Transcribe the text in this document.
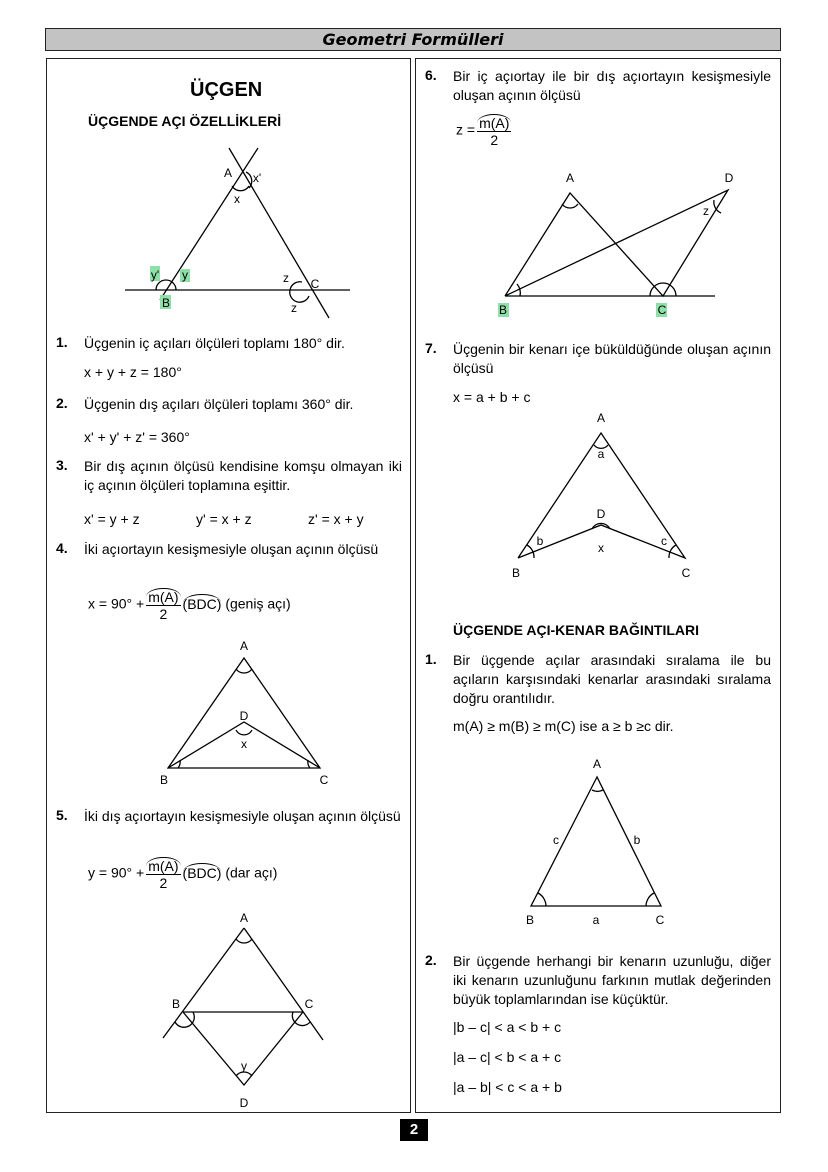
Geometri Formülleri
ÜÇGEN
ÜÇGENDE AÇI ÖZELLİKLERİ
A x'
x
y' y
B
z C
z
A
D
x
B	C
A
B	C
y
D
A	D
z
B	C
A
a
D
x
b	c
B	C
A
c	b
B	a	C
1. Üçgenin iç açıları ölçüleri toplamı 180° dir.
x + y + z = 180°
2. Üçgenin dış açıları ölçüleri toplamı 360° dir.
x' + y' + z' = 360°
3. Bir dış açının ölçüsü kendisine komşu olmayan iki iç açının ölçüleri toplamına eşittir.
x' = y + z	y' = x + z	z' = x + y
4. İki açıortayın kesişmesiyle oluşan açının ölçüsü
$x = 90^\circ + \frac{m(A)}{2} (BDC)$ (geniş açı)
5. İki dış açıortayın kesişmesiyle oluşan açının ölçüsü
$y = 90^\circ + \frac{m(A)}{2} (BDC)$ (dar açı)
6. Bir iç açıortay ile bir dış açıortayın kesişmesiyle oluşan açının ölçüsü
$z = \frac{m(A)}{2}$
7. Üçgenin bir kenarı içe büküldüğünde oluşan açının ölçüsü
x = a + b + c
ÜÇGENDE AÇI-KENAR BAĞINTILARI
1. Bir üçgende açılar arasındaki sıralama ile bu açıların karşısındaki kenarlar arasındaki sıralama doğru orantılıdır.
m(A) ≥ m(B) ≥ m(C) ise a ≥ b ≥c dir.
2. Bir üçgende herhangi bir kenarın uzunluğu, diğer iki kenarın uzunluğunu farkının mutlak değerinden büyük toplamlarından ise küçüktür.
|b – c| < a < b + c
|a – c| < b < a + c
|a – b| < c < a + b
2
